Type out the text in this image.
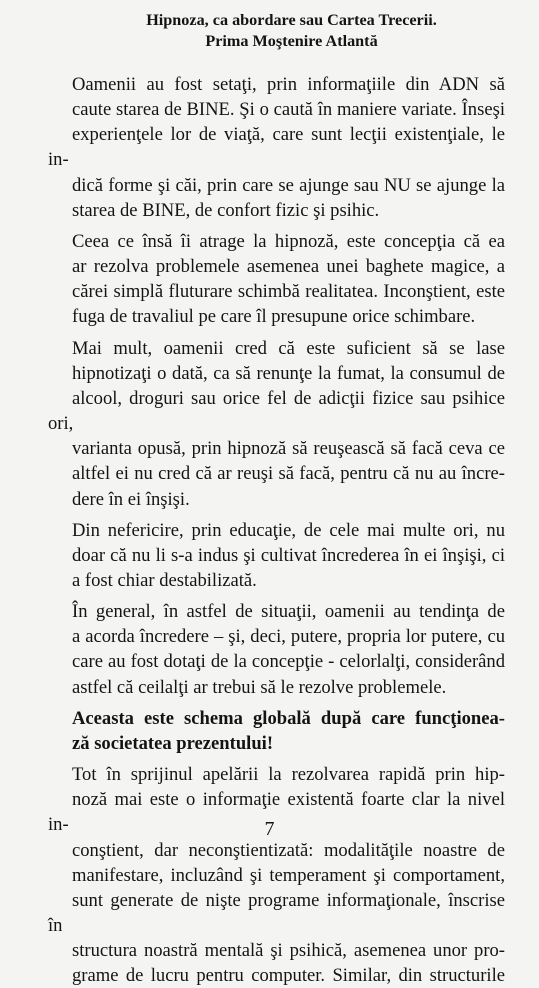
Hipnoza, ca abordare sau Cartea Trecerii.
Prima Moştenire Atlantă

Oamenii au fost setaţi, prin informaţiile din ADN să
caute starea de BINE. Şi o caută în maniere variate. Înseşi
experienţele lor de viaţă, care sunt lecţii existenţiale, le in-
dică forme şi căi, prin care se ajunge sau NU se ajunge la
starea de BINE, de confort fizic şi psihic.

Ceea ce însă îi atrage la hipnoză, este concepţia că ea
ar rezolva problemele asemenea unei baghete magice, a
cărei simplă fluturare schimbă realitatea. Inconştient, este
fuga de travaliul pe care îl presupune orice schimbare.

Mai mult, oamenii cred că este suficient să se lase
hipnotizaţi o dată, ca să renunţe la fumat, la consumul de
alcool, droguri sau orice fel de adicţii fizice sau psihice ori,
varianta opusă, prin hipnoză să reuşească să facă ceva ce
altfel ei nu cred că ar reuşi să facă, pentru că nu au încre-
dere în ei înşişi.

Din nefericire, prin educaţie, de cele mai multe ori, nu
doar că nu li s-a indus şi cultivat încrederea în ei înşişi, ci
a fost chiar destabilizată.

În general, în astfel de situaţii, oamenii au tendinţa de
a acorda încredere – şi, deci, putere, propria lor putere, cu
care au fost dotaţi de la concepţie - celorlalţi, considerând
astfel că ceilalţi ar trebui să le rezolve problemele.

Aceasta este schema globală după care funcţionea-
ză societatea prezentului!

Tot în sprijinul apelării la rezolvarea rapidă prin hip-
noză mai este o informaţie existentă foarte clar la nivel in-
conştient, dar neconştientizată: modalităţile noastre de
manifestare, incluzând şi temperament şi comportament,
sunt generate de nişte programe informaţionale, înscrise în
structura noastră mentală şi psihică, asemenea unor pro-
grame de lucru pentru computer. Similar, din structurile

7
